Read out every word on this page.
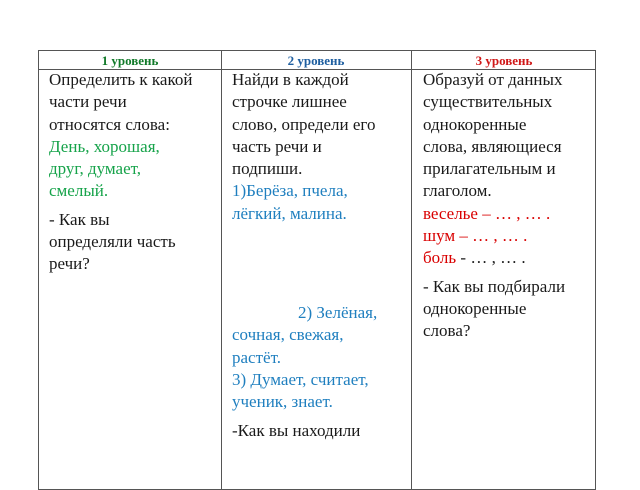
1 уровень	2 уровень	3 уровень

Определить к какой

части речи

относятся слова:

День, хорошая,

друг, думает,

смелый.

- Как вы

определяли часть

речи?

Найди в каждой

строчке лишнее

слово, определи его

часть речи и

подпиши.

1)Берёза, пчела,

лёгкий, малина.

2) Зелёная,

сочная, свежая,

растёт.

3) Думает, считает,

ученик, знает.

-Как вы находили

Образуй от данных

существительных

однокоренные

слова, являющиеся

прилагательным и

глаголом.

веселье – … , … .

шум – … , … .

боль - … , … .

- Как вы подбирали

однокоренные

слова?
